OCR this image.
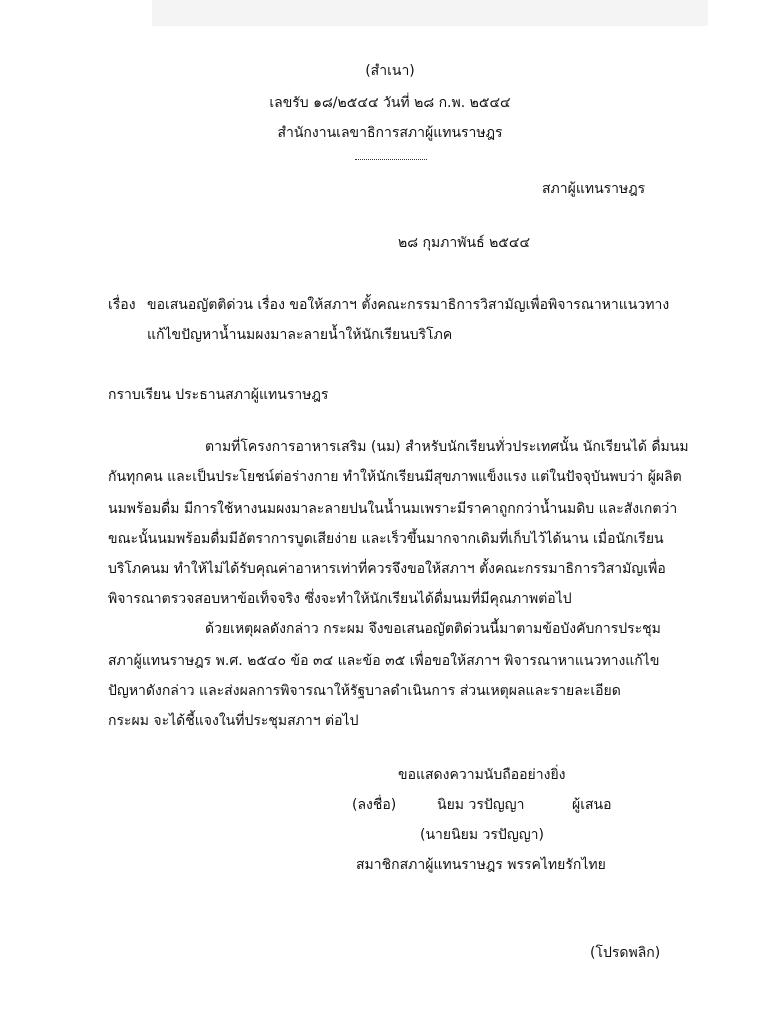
(สำเนา)

เลขรับ ๑๘/๒๕๔๔ วันที่ ๒๘ ก.พ. ๒๕๔๔

สำนักงานเลขาธิการสภาผู้แทนราษฎร

สภาผู้แทนราษฎร

๒๘ กุมภาพันธ์ ๒๕๔๔

เรื่อง ขอเสนอญัตติด่วน เรื่อง ขอให้สภาฯ ตั้งคณะกรรมาธิการวิสามัญเพื่อพิจารณาหาแนวทาง

แก้ไขปัญหาน้ำนมผงมาละลายน้ำให้นักเรียนบริโภค

กราบเรียน ประธานสภาผู้แทนราษฎร

ตามที่โครงการอาหารเสริม (นม) สำหรับนักเรียนทั่วประเทศนั้น นักเรียนได้ ดื่มนม

กันทุกคน และเป็นประโยชน์ต่อร่างกาย ทำให้นักเรียนมีสุขภาพแข็งแรง แต่ในปัจจุบันพบว่า ผู้ผลิต

นมพร้อมดื่ม มีการใช้หางนมผงมาละลายปนในน้ำนมเพราะมีราคาถูกกว่าน้ำนมดิบ และสังเกตว่า

ขณะนั้นนมพร้อมดื่มมีอัตราการบูดเสียง่าย และเร็วขึ้นมากจากเดิมที่เก็บไว้ได้นาน เมื่อนักเรียน

บริโภคนม ทำให้ไม่ได้รับคุณค่าอาหารเท่าที่ควรจึงขอให้สภาฯ ตั้งคณะกรรมาธิการวิสามัญเพื่อ

พิจารณาตรวจสอบหาข้อเท็จจริง ซึ่งจะทำให้นักเรียนได้ดื่มนมที่มีคุณภาพต่อไป

ด้วยเหตุผลดังกล่าว กระผม จึงขอเสนอญัตติด่วนนี้มาตามข้อบังคับการประชุม

สภาผู้แทนราษฎร พ.ศ. ๒๕๔๐ ข้อ ๓๔ และข้อ ๓๕ เพื่อขอให้สภาฯ พิจารณาหาแนวทางแก้ไข

ปัญหาดังกล่าว และส่งผลการพิจารณาให้รัฐบาลดำเนินการ ส่วนเหตุผลและรายละเอียด

กระผม จะได้ชี้แจงในที่ประชุมสภาฯ ต่อไป

ขอแสดงความนับถืออย่างยิ่ง

(ลงชื่อ)	นิยม วรปัญญา	ผู้เสนอ

(นายนิยม วรปัญญา)

สมาชิกสภาผู้แทนราษฎร พรรคไทยรักไทย

(โปรดพลิก)
